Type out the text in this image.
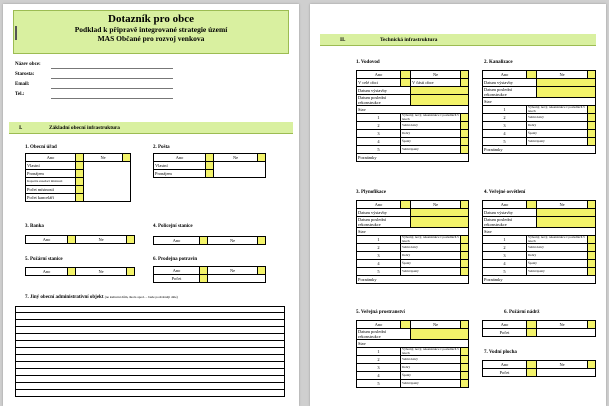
Dotazník pro obce
Podklad k připravě integrované strategie území
MAS Občané pro rozvoj venkova
Název obce:
Starosta:
Email:
Tel.:
I.	Základní obecní infrastruktura
1. Obecní úřad
Ano		Ne	
Vlastní			
Pronájem			
Kapacita zasedací místnosti			
Počet místností			
Počet kanceláří			
2. Pošta
Ano		Ne	
Vlastní			
Pronájem			
3. Banka
Ano		Ne	
4. Policejní stanice
Ano		Ne	
5. Požární stanice
Ano		Ne	
6. Prodejna potravin
Ano		Ne	
Počet			
7. Jiný obecní administrativní objekt (ne kulturní dům, škola apod. – bude podrobněji dále)
II.	Technická infrastruktura
1. Vodovod
Ano		Ne	
V celé obci		V části obce	
Datum výstavby			
Datum poslední rekonstrukce			
Stav			
1	Výborný, nový, rekonstrukce v posledních 5 letech		
2	Velmi dobrý		
3	Dobrý		
4	Špatný		
5	Velmi špatný		
Poznámky			
2. Kanalizace
Ano		Ne	
Datum výstavby			
Datum poslední rekonstrukce			
Stav			
1	Výborný, nový, rekonstrukce v posledních 5 letech		
2	Velmi dobrý		
3	Dobrý		
4	Špatný		
5	Velmi špatný		
Poznámky			
3. Plynofikace
Ano		Ne	
Datum výstavby			
Datum poslední rekonstrukce			
Stav			
1	Výborný, nový, rekonstrukce v posledních 5 letech		
2	Velmi dobrý		
3	Dobrý		
4	Špatný		
5	Velmi špatný		
Poznámky			
4. Veřejné osvětlení
Ano		Ne	
Datum výstavby			
Datum poslední rekonstrukce			
Stav			
1	Výborný, nový, rekonstrukce v posledních 5 letech		
2	Velmi dobrý		
3	Dobrý		
4	Špatný		
5	Velmi špatný		
Poznámky			
5. Veřejná prostranství
Ano		Ne	
Datum poslední rekonstrukce			
Stav			
1	Výborný, nový, rekonstrukce v posledních 5 letech		
2	Velmi dobrý		
3	Dobrý		
4	Špatný		
5	Velmi špatný		
6. Požární nádrž
Ano		Ne	
Počet			
7. Vodní plocha
Ano		Ne	
Počet			
